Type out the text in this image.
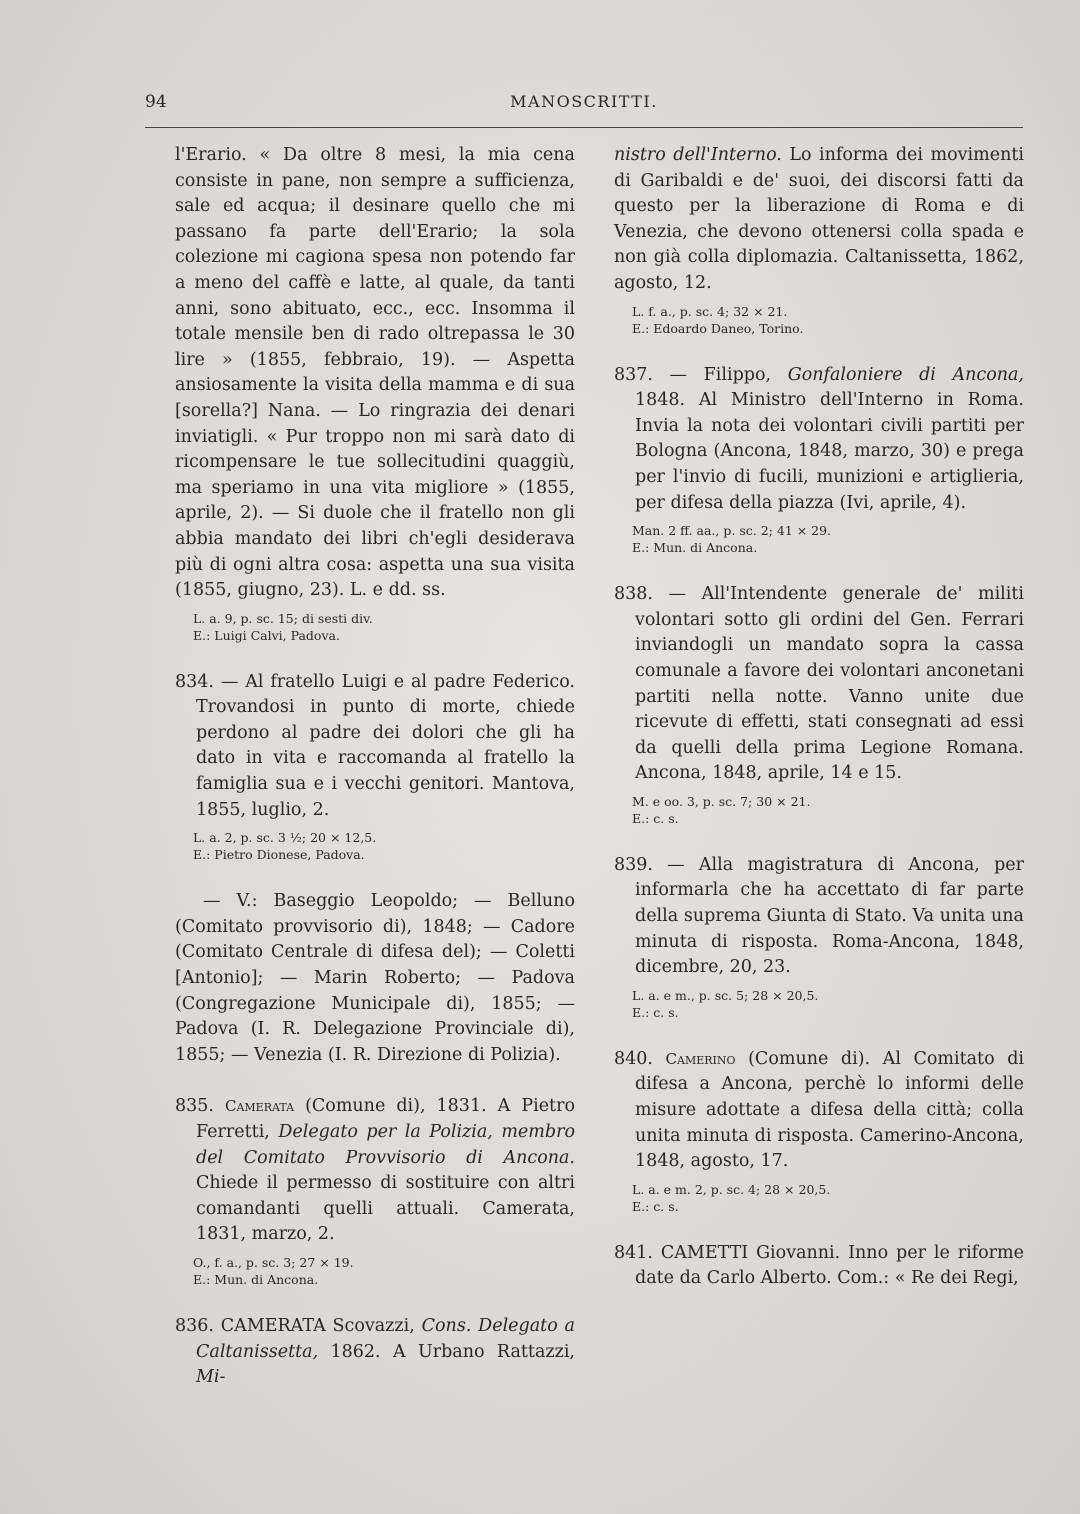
94	MANOSCRITTI.

l'Erario. « Da oltre 8 mesi, la mia cena consiste in pane, non sempre a sufficienza, sale ed acqua; il desinare quello che mi passano fa parte dell'Erario; la sola colezione mi cagiona spesa non potendo far a meno del caffè e latte, al quale, da tanti anni, sono abituato, ecc., ecc. Insomma il totale mensile ben di rado oltrepassa le 30 lire » (1855, febbraio, 19). — Aspetta ansiosamente la visita della mamma e di sua [sorella?] Nana. — Lo ringrazia dei denari inviatigli. « Pur troppo non mi sarà dato di ricompensare le tue sollecitudini quaggiù, ma speriamo in una vita migliore » (1855, aprile, 2). — Si duole che il fratello non gli abbia mandato dei libri ch'egli desiderava più di ogni altra cosa: aspetta una sua visita (1855, giugno, 23). L. e dd. ss.

L. a. 9, p. sc. 15; di sesti div.
E.: Luigi Calvi, Padova.

834. — Al fratello Luigi e al padre Federico. Trovandosi in punto di morte, chiede perdono al padre dei dolori che gli ha dato in vita e raccomanda al fratello la famiglia sua e i vecchi genitori. Mantova, 1855, luglio, 2.

L. a. 2, p. sc. 3 ½; 20 × 12,5.
E.: Pietro Dionese, Padova.

— V.: Baseggio Leopoldo; — Belluno (Comitato provvisorio di), 1848; — Cadore (Comitato Centrale di difesa del); — Coletti [Antonio]; — Marin Roberto; — Padova (Congregazione Municipale di), 1855; — Padova (I. R. Delegazione Provinciale di), 1855; — Venezia (I. R. Direzione di Polizia).

835. Camerata (Comune di), 1831. A Pietro Ferretti, Delegato per la Polizia, membro del Comitato Provvisorio di Ancona. Chiede il permesso di sostituire con altri comandanti quelli attuali. Camerata, 1831, marzo, 2.

O., f. a., p. sc. 3; 27 × 19.
E.: Mun. di Ancona.

836. CAMERATA Scovazzi, Cons. Delegato a Caltanissetta, 1862. A Urbano Rattazzi, Mi-

nistro dell'Interno. Lo informa dei movimenti di Garibaldi e de' suoi, dei discorsi fatti da questo per la liberazione di Roma e di Venezia, che devono ottenersi colla spada e non già colla diplomazia. Caltanissetta, 1862, agosto, 12.

L. f. a., p. sc. 4; 32 × 21.
E.: Edoardo Daneo, Torino.

837. — Filippo, Gonfaloniere di Ancona, 1848. Al Ministro dell'Interno in Roma. Invia la nota dei volontari civili partiti per Bologna (Ancona, 1848, marzo, 30) e prega per l'invio di fucili, munizioni e artiglieria, per difesa della piazza (Ivi, aprile, 4).

Man. 2 ff. aa., p. sc. 2; 41 × 29.
E.: Mun. di Ancona.

838. — All'Intendente generale de' militi volontari sotto gli ordini del Gen. Ferrari inviandogli un mandato sopra la cassa comunale a favore dei volontari anconetani partiti nella notte. Vanno unite due ricevute di effetti, stati consegnati ad essi da quelli della prima Legione Romana. Ancona, 1848, aprile, 14 e 15.

M. e oo. 3, p. sc. 7; 30 × 21.
E.: c. s.

839. — Alla magistratura di Ancona, per informarla che ha accettato di far parte della suprema Giunta di Stato. Va unita una minuta di risposta. Roma-Ancona, 1848, dicembre, 20, 23.

L. a. e m., p. sc. 5; 28 × 20,5.
E.: c. s.

840. Camerino (Comune di). Al Comitato di difesa a Ancona, perchè lo informi delle misure adottate a difesa della città; colla unita minuta di risposta. Camerino-Ancona, 1848, agosto, 17.

L. a. e m. 2, p. sc. 4; 28 × 20,5.
E.: c. s.

841. CAMETTI Giovanni. Inno per le riforme date da Carlo Alberto. Com.: « Re dei Regi,
